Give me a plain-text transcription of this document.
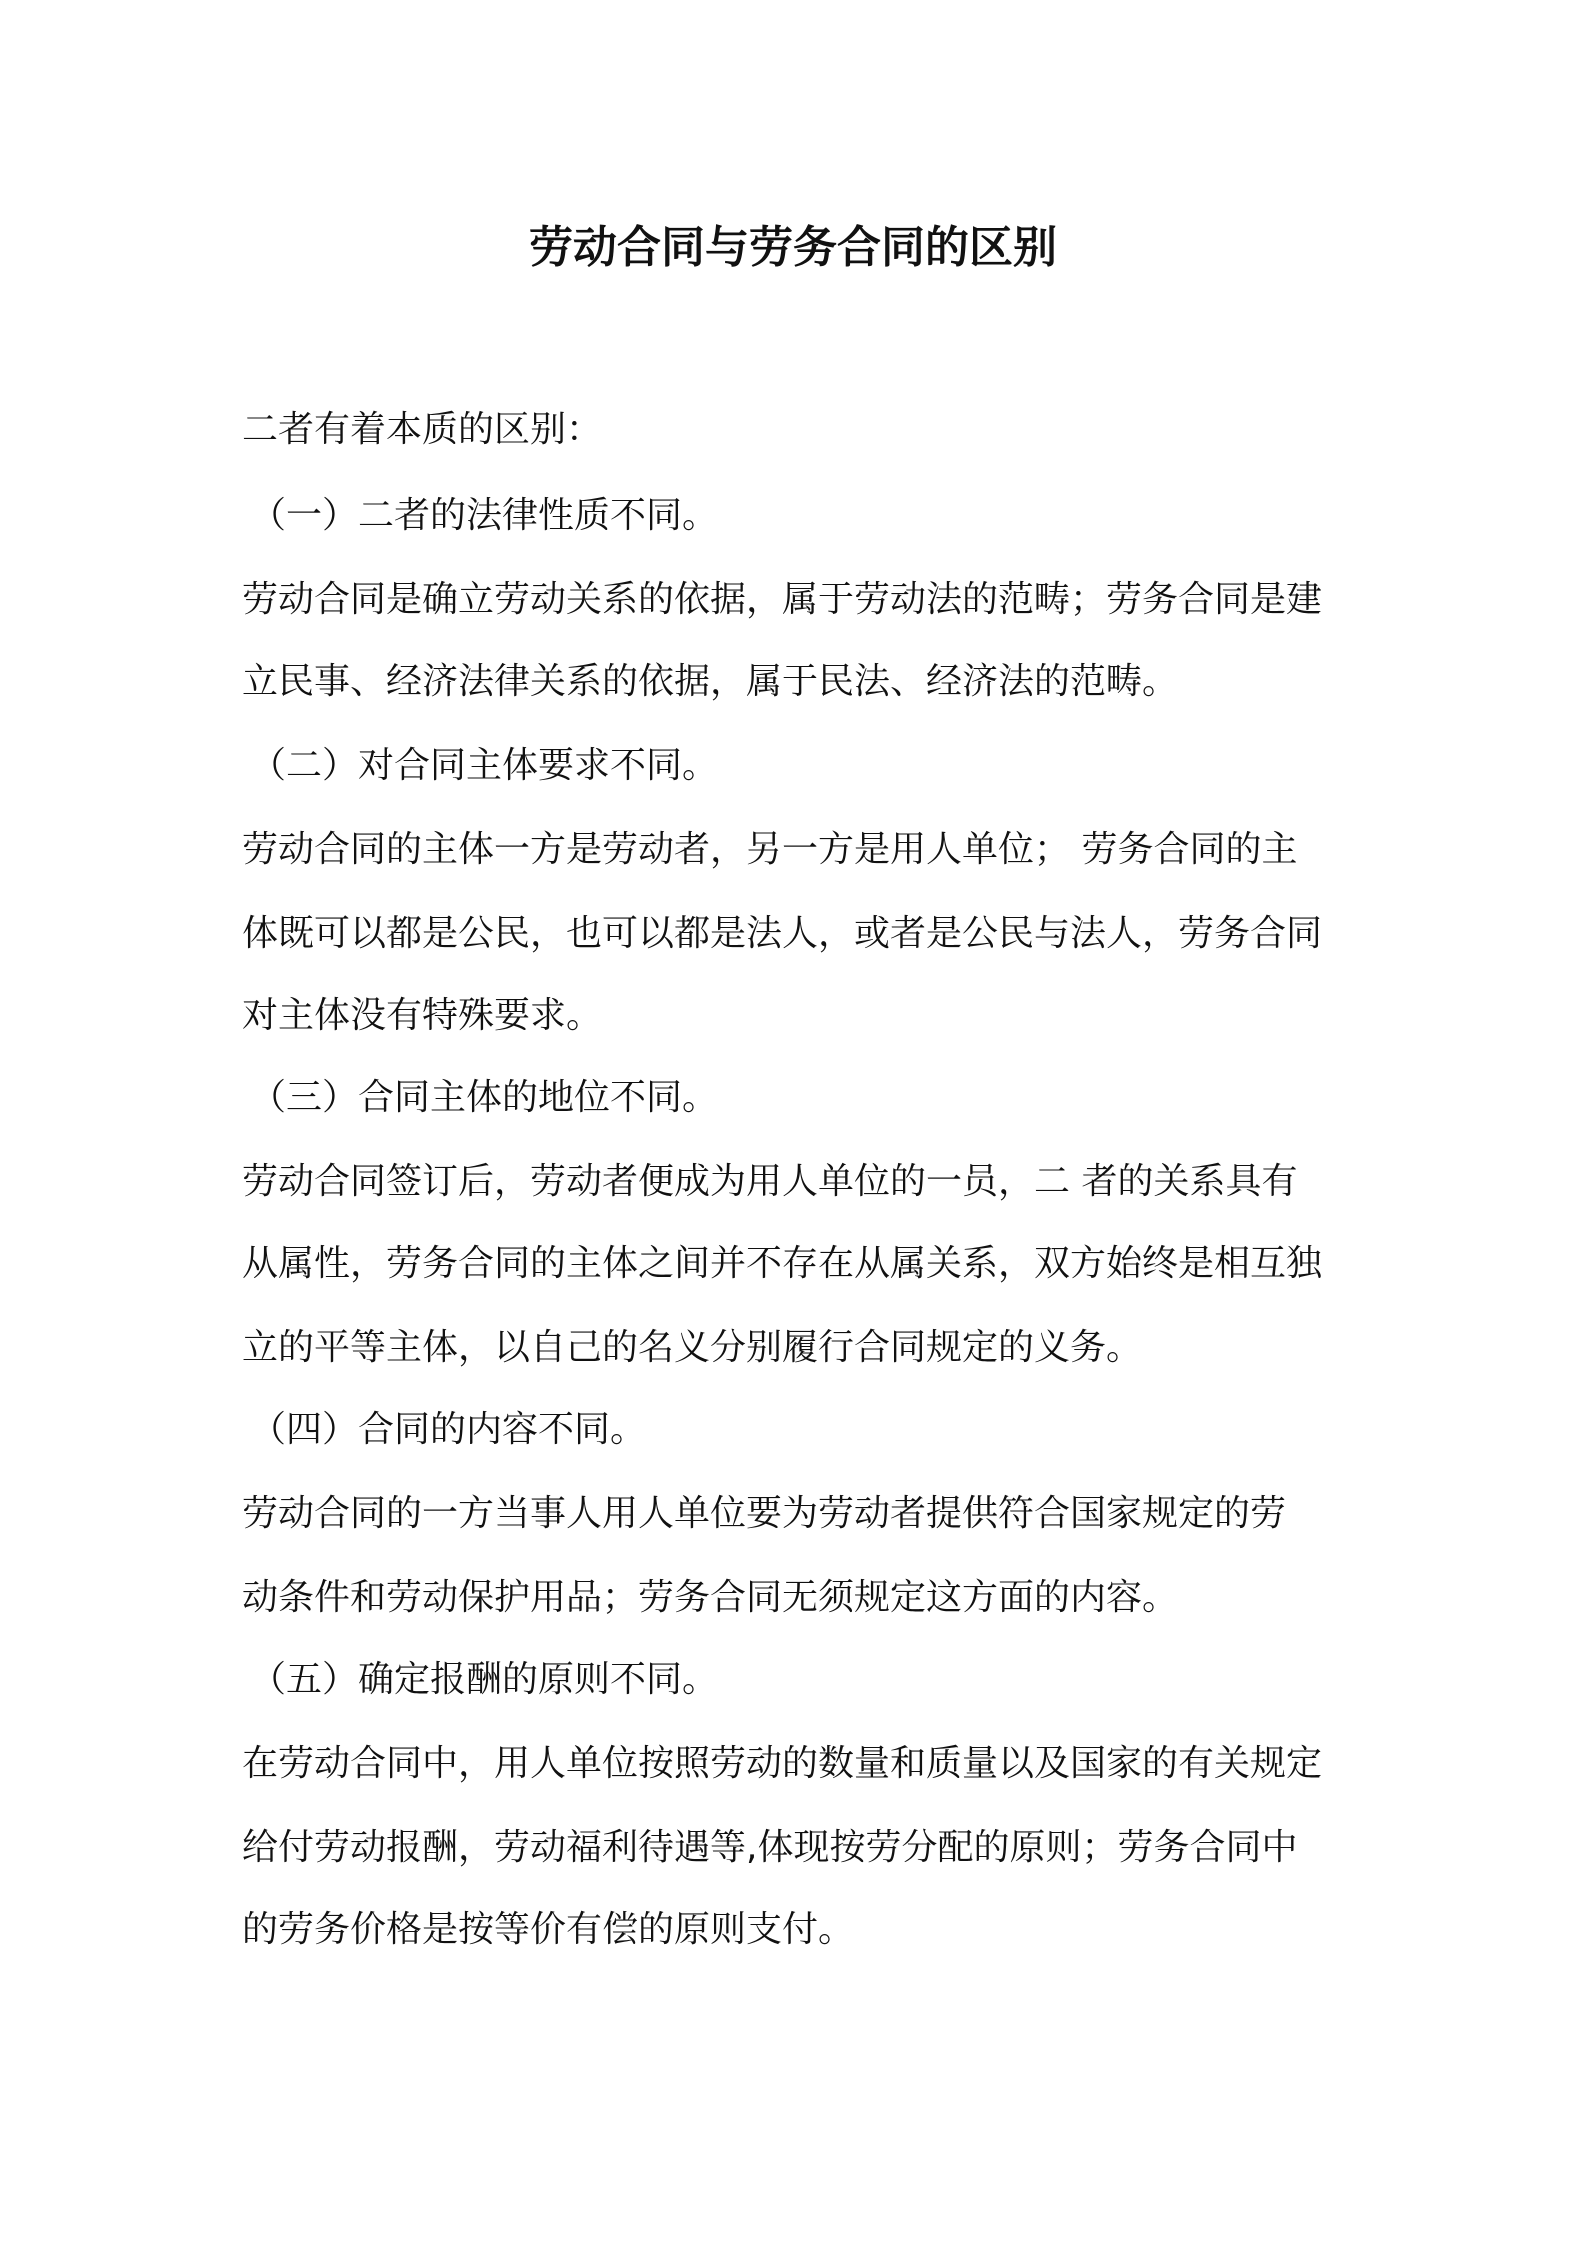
劳动合同与劳务合同的区别

二者有着本质的区别：

（一）二者的法律性质不同。

劳动合同是确立劳动关系的依据，属于劳动法的范畴；劳务合同是建

立民事、经济法律关系的依据，属于民法、经济法的范畴。

（二）对合同主体要求不同。

劳动合同的主体一方是劳动者，另一方是用人单位； 劳务合同的主

体既可以都是公民，也可以都是法人，或者是公民与法人，劳务合同

对主体没有特殊要求。

（三）合同主体的地位不同。

劳动合同签订后，劳动者便成为用人单位的一员，二 者的关系具有

从属性，劳务合同的主体之间并不存在从属关系，双方始终是相互独

立的平等主体，以自己的名义分别履行合同规定的义务。

（四）合同的内容不同。

劳动合同的一方当事人用人单位要为劳动者提供符合国家规定的劳

动条件和劳动保护用品；劳务合同无须规定这方面的内容。

（五）确定报酬的原则不同。

在劳动合同中，用人单位按照劳动的数量和质量以及国家的有关规定

给付劳动报酬，劳动福利待遇等,体现按劳分配的原则；劳务合同中

的劳务价格是按等价有偿的原则支付。
